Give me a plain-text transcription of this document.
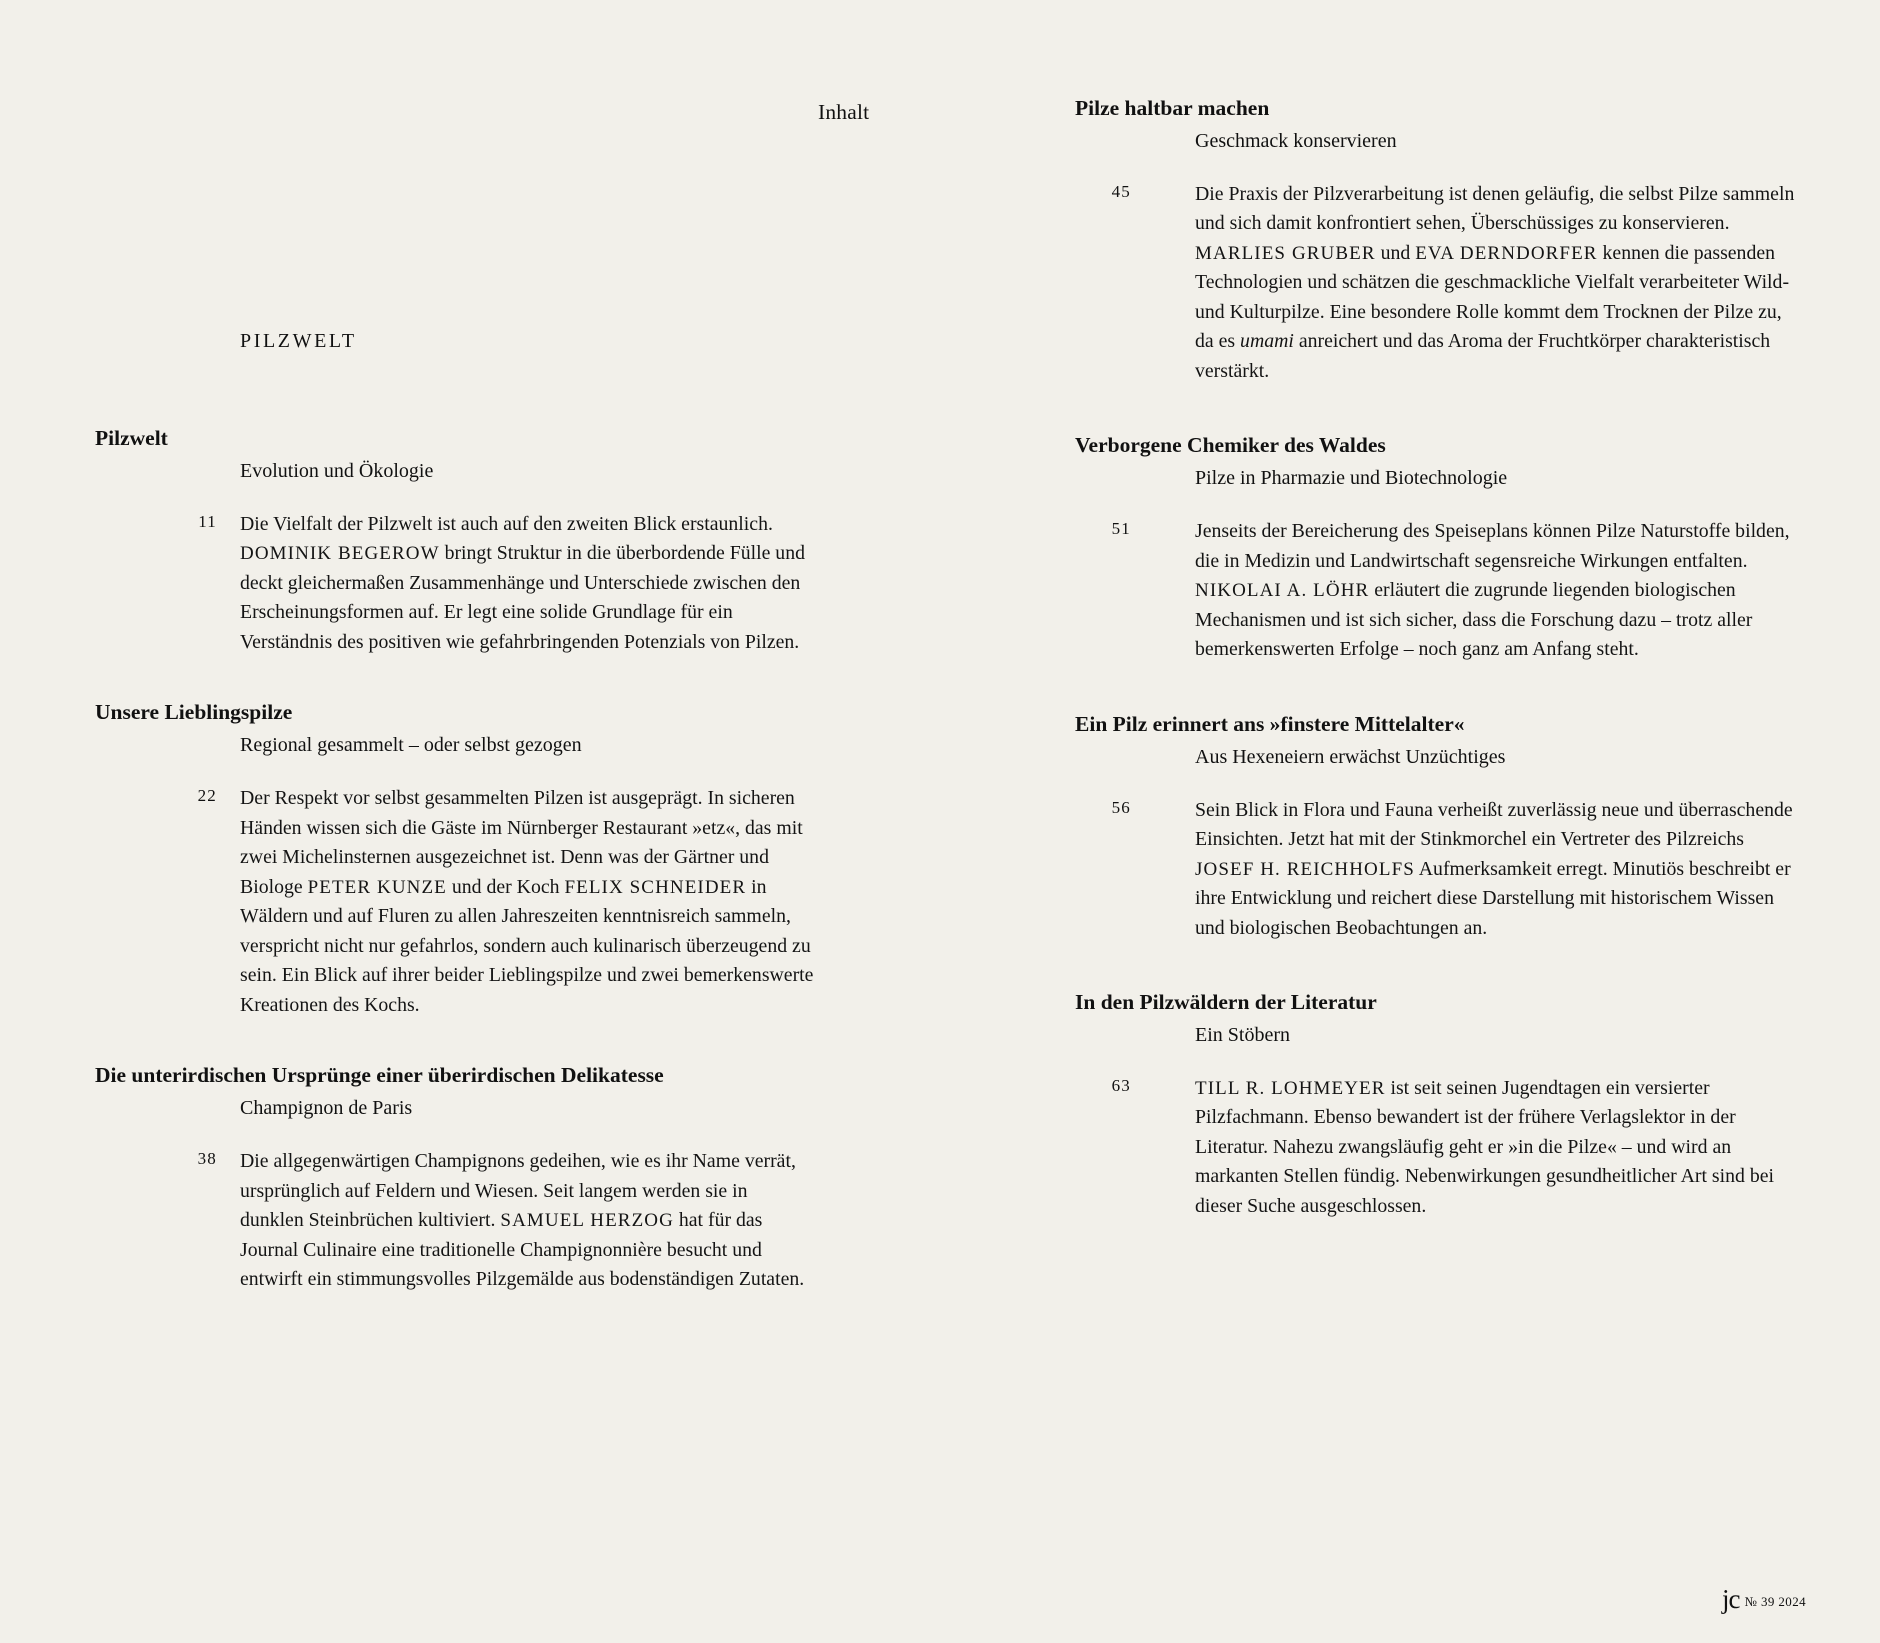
Inhalt
PILZWELT
Pilzwelt
Evolution und Ökologie
11 Die Vielfalt der Pilzwelt ist auch auf den zweiten Blick erstaunlich. DOMINIK BEGEROW bringt Struktur in die überbordende Fülle und deckt gleichermaßen Zusammenhänge und Unterschiede zwischen den Erscheinungsformen auf. Er legt eine solide Grundlage für ein Verständnis des positiven wie gefahrbringenden Potenzials von Pilzen.
Unsere Lieblingspilze
Regional gesammelt – oder selbst gezogen
22 Der Respekt vor selbst gesammelten Pilzen ist ausgeprägt. In sicheren Händen wissen sich die Gäste im Nürnberger Restaurant »etz«, das mit zwei Michelinsternen ausgezeichnet ist. Denn was der Gärtner und Biologe PETER KUNZE und der Koch FELIX SCHNEIDER in Wäldern und auf Fluren zu allen Jahreszeiten kenntnisreich sammeln, verspricht nicht nur gefahrlos, sondern auch kulinarisch überzeugend zu sein. Ein Blick auf ihrer beider Lieblingspilze und zwei bemerkenswerte Kreationen des Kochs.
Die unterirdischen Ursprünge einer überirdischen Delikatesse
Champignon de Paris
38 Die allgegenwärtigen Champignons gedeihen, wie es ihr Name verrät, ursprünglich auf Feldern und Wiesen. Seit langem werden sie in dunklen Steinbrüchen kultiviert. SAMUEL HERZOG hat für das Journal Culinaire eine traditionelle Champignonnière besucht und entwirft ein stimmungsvolles Pilzgemälde aus bodenständigen Zutaten.
Pilze haltbar machen
Geschmack konservieren
45	Die Praxis der Pilzverarbeitung ist denen geläufig, die selbst Pilze sammeln und sich damit konfrontiert sehen, Überschüssiges zu konservieren. MARLIES GRUBER und EVA DERNDORFER kennen die passenden Technologien und schätzen die geschmackliche Vielfalt verarbeiteter Wild- und Kulturpilze. Eine besondere Rolle kommt dem Trocknen der Pilze zu, da es umami anreichert und das Aroma der Fruchtkörper charakteristisch verstärkt.
Verborgene Chemiker des Waldes
Pilze in Pharmazie und Biotechnologie
51	Jenseits der Bereicherung des Speiseplans können Pilze Naturstoffe bilden, die in Medizin und Landwirtschaft segensreiche Wirkungen entfalten. NIKOLAI A. LÖHR erläutert die zugrunde liegenden biologischen Mechanismen und ist sich sicher, dass die Forschung dazu – trotz aller bemerkenswerten Erfolge – noch ganz am Anfang steht.
Ein Pilz erinnert ans »finstere Mittelalter«
Aus Hexeneiern erwächst Unzüchtiges
56	Sein Blick in Flora und Fauna verheißt zuverlässig neue und überraschende Einsichten. Jetzt hat mit der Stinkmorchel ein Vertreter des Pilzreichs JOSEF H. REICHHOLFS Aufmerksamkeit erregt. Minutiös beschreibt er ihre Entwicklung und reichert diese Darstellung mit historischem Wissen und biologischen Beobachtungen an.
In den Pilzwäldern der Literatur
Ein Stöbern
63	TILL R. LOHMEYER ist seit seinen Jugendtagen ein versierter Pilzfachmann. Ebenso bewandert ist der frühere Verlagslektor in der Literatur. Nahezu zwangsläufig geht er »in die Pilze« – und wird an markanten Stellen fündig. Nebenwirkungen gesundheitlicher Art sind bei dieser Suche ausgeschlossen.
jc № 39 2024
